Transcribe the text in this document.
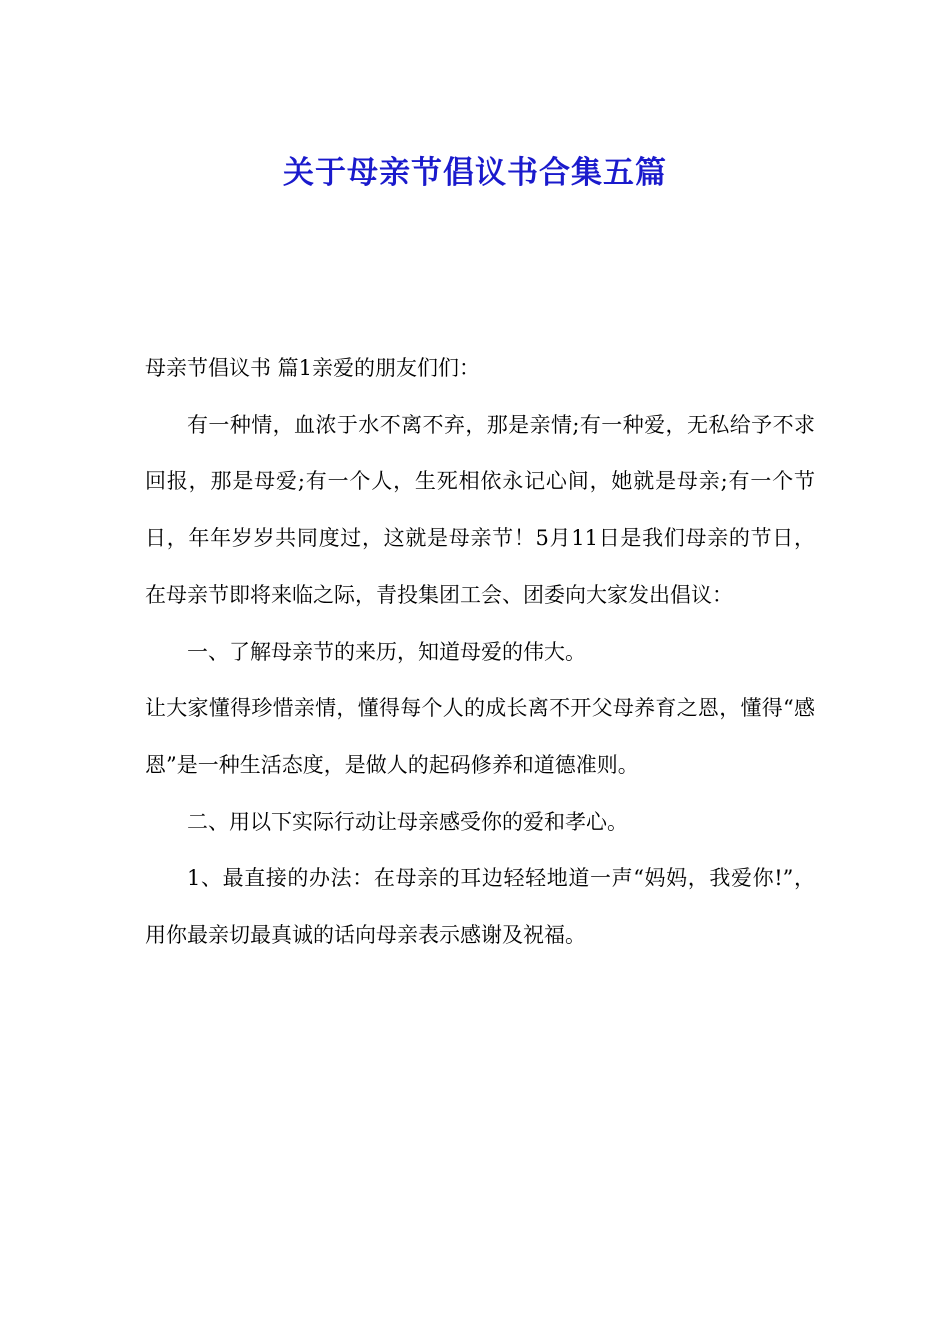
关于母亲节倡议书合集五篇

母亲节倡议书 篇1亲爱的朋友们们：

有一种情，血浓于水不离不弃，那是亲情;有一种爱，无私给予不求回报，那是母爱;有一个人，生死相依永记心间，她就是母亲;有一个节日，年年岁岁共同度过，这就是母亲节！5月11日是我们母亲的节日，在母亲节即将来临之际，青投集团工会、团委向大家发出倡议：

一、了解母亲节的来历，知道母爱的伟大。

让大家懂得珍惜亲情，懂得每个人的成长离不开父母养育之恩，懂得“感恩”是一种生活态度，是做人的起码修养和道德准则。

二、用以下实际行动让母亲感受你的爱和孝心。

1、最直接的办法：在母亲的耳边轻轻地道一声“妈妈，我爱你!”，用你最亲切最真诚的话向母亲表示感谢及祝福。
